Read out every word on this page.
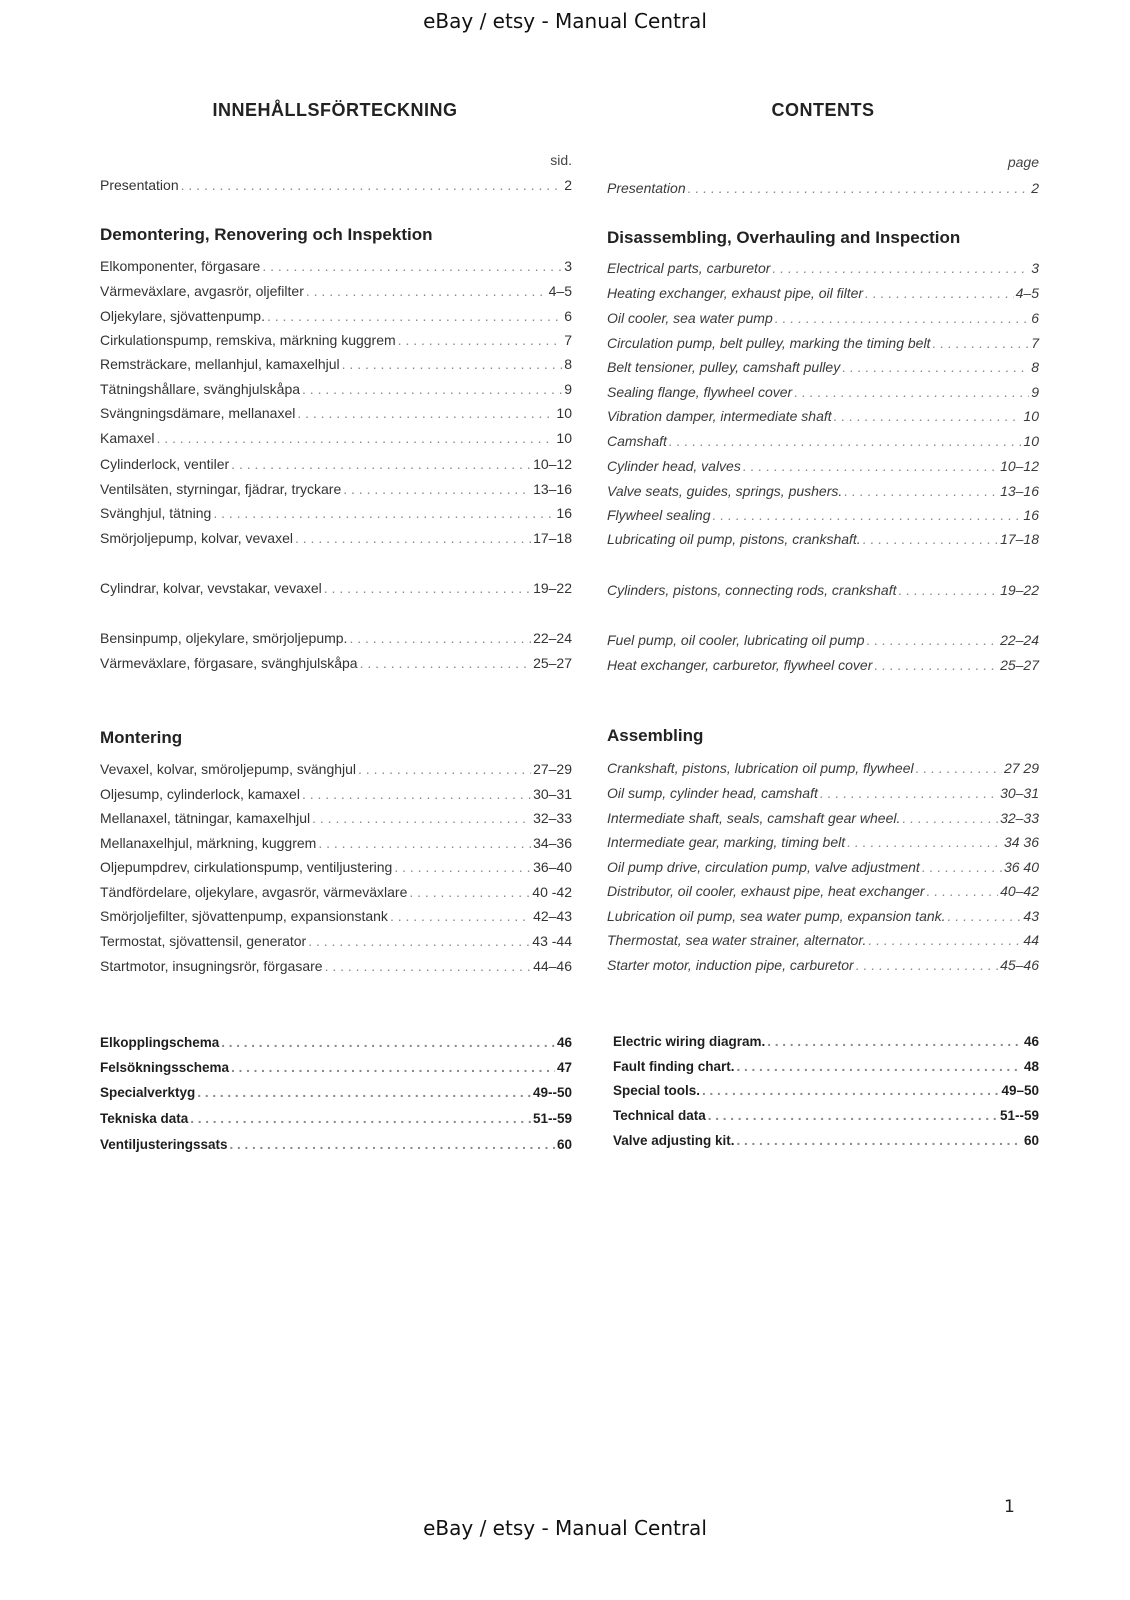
eBay / etsy - Manual Central
INNEHÅLLSFÖRTECKNING
sid.
Presentation . . .	2
Demontering, Renovering och Inspektion
Elkomponenter, förgasare . . .	3
Värmeväxlare, avgasrör, oljefilter . . .	4–5
Oljekylare, sjövattenpump. . . .	6
Cirkulationspump, remskiva, märkning kuggrem . . .	7
Remsträckare, mellanhjul, kamaxelhjul . . .	8
Tätningshållare, svänghjulskåpa . . .	9
Svängningsdämare, mellanaxel . . .	10
Kamaxel . . .	10
Cylinderlock, ventiler . . .	10–12
Ventilsäten, styrningar, fjädrar, tryckare . . .	13–16
Svänghjul, tätning . . .	16
Smörjoljepump, kolvar, vevaxel . . .	17–18
Cylindrar, kolvar, vevstakar, vevaxel . . .	19–22
Bensinpump, oljekylare, smörjoljepump. . . .	22–24
Värmeväxlare, förgasare, svänghjulskåpa . . .	25–27
Montering
Vevaxel, kolvar, smöroljepump, svänghjul . . .	27–29
Oljesump, cylinderlock, kamaxel . . .	30–31
Mellanaxel, tätningar, kamaxelhjul . . .	32–33
Mellanaxelhjul, märkning, kuggrem . . .	34–36
Oljepumpdrev, cirkulationspump, ventiljustering . . .	36–40
Tändfördelare, oljekylare, avgasrör, värmeväxlare . . .	40 -42
Smörjoljefilter, sjövattenpump, expansionstank . . .	42–43
Termostat, sjövattensil, generator . . .	43 -44
Startmotor, insugningsrör, förgasare . . .	44–46
Elkopplingschema . . .	46
Felsökningsschema . . .	47
Specialverktyg . . .	49--50
Tekniska data . . .	51--59
Ventiljusteringssats . . .	60
CONTENTS
page
Presentation . . .	2
Disassembling, Overhauling and Inspection
Electrical parts, carburetor . . .	3
Heating exchanger, exhaust pipe, oil filter . . .	4–5
Oil cooler, sea water pump . . .	6
Circulation pump, belt pulley, marking the timing belt . . .	7
Belt tensioner, pulley, camshaft pulley . . .	8
Sealing flange, flywheel cover . . .	9
Vibration damper, intermediate shaft . . .	10
Camshaft . . .	10
Cylinder head, valves . . .	10–12
Valve seats, guides, springs, pushers. . . .	13–16
Flywheel sealing . . .	16
Lubricating oil pump, pistons, crankshaft. . . .	17–18
Cylinders, pistons, connecting rods, crankshaft . . .	19–22
Fuel pump, oil cooler, lubricating oil pump . . .	22–24
Heat exchanger, carburetor, flywheel cover . . .	25–27
Assembling
Crankshaft, pistons, lubrication oil pump, flywheel . . .	27 29
Oil sump, cylinder head, camshaft . . .	30–31
Intermediate shaft, seals, camshaft gear wheel. . . .	32–33
Intermediate gear, marking, timing belt . . .	34 36
Oil pump drive, circulation pump, valve adjustment . . .	36 40
Distributor, oil cooler, exhaust pipe, heat exchanger . . .	40–42
Lubrication oil pump, sea water pump, expansion tank. . . .	43
Thermostat, sea water strainer, alternator. . . .	44
Starter motor, induction pipe, carburetor . . .	45–46
Electric wiring diagram. . . .	46
Fault finding chart. . . .	48
Special tools. . . .	49–50
Technical data . . .	51--59
Valve adjusting kit. . . .	60
1
eBay / etsy - Manual Central
